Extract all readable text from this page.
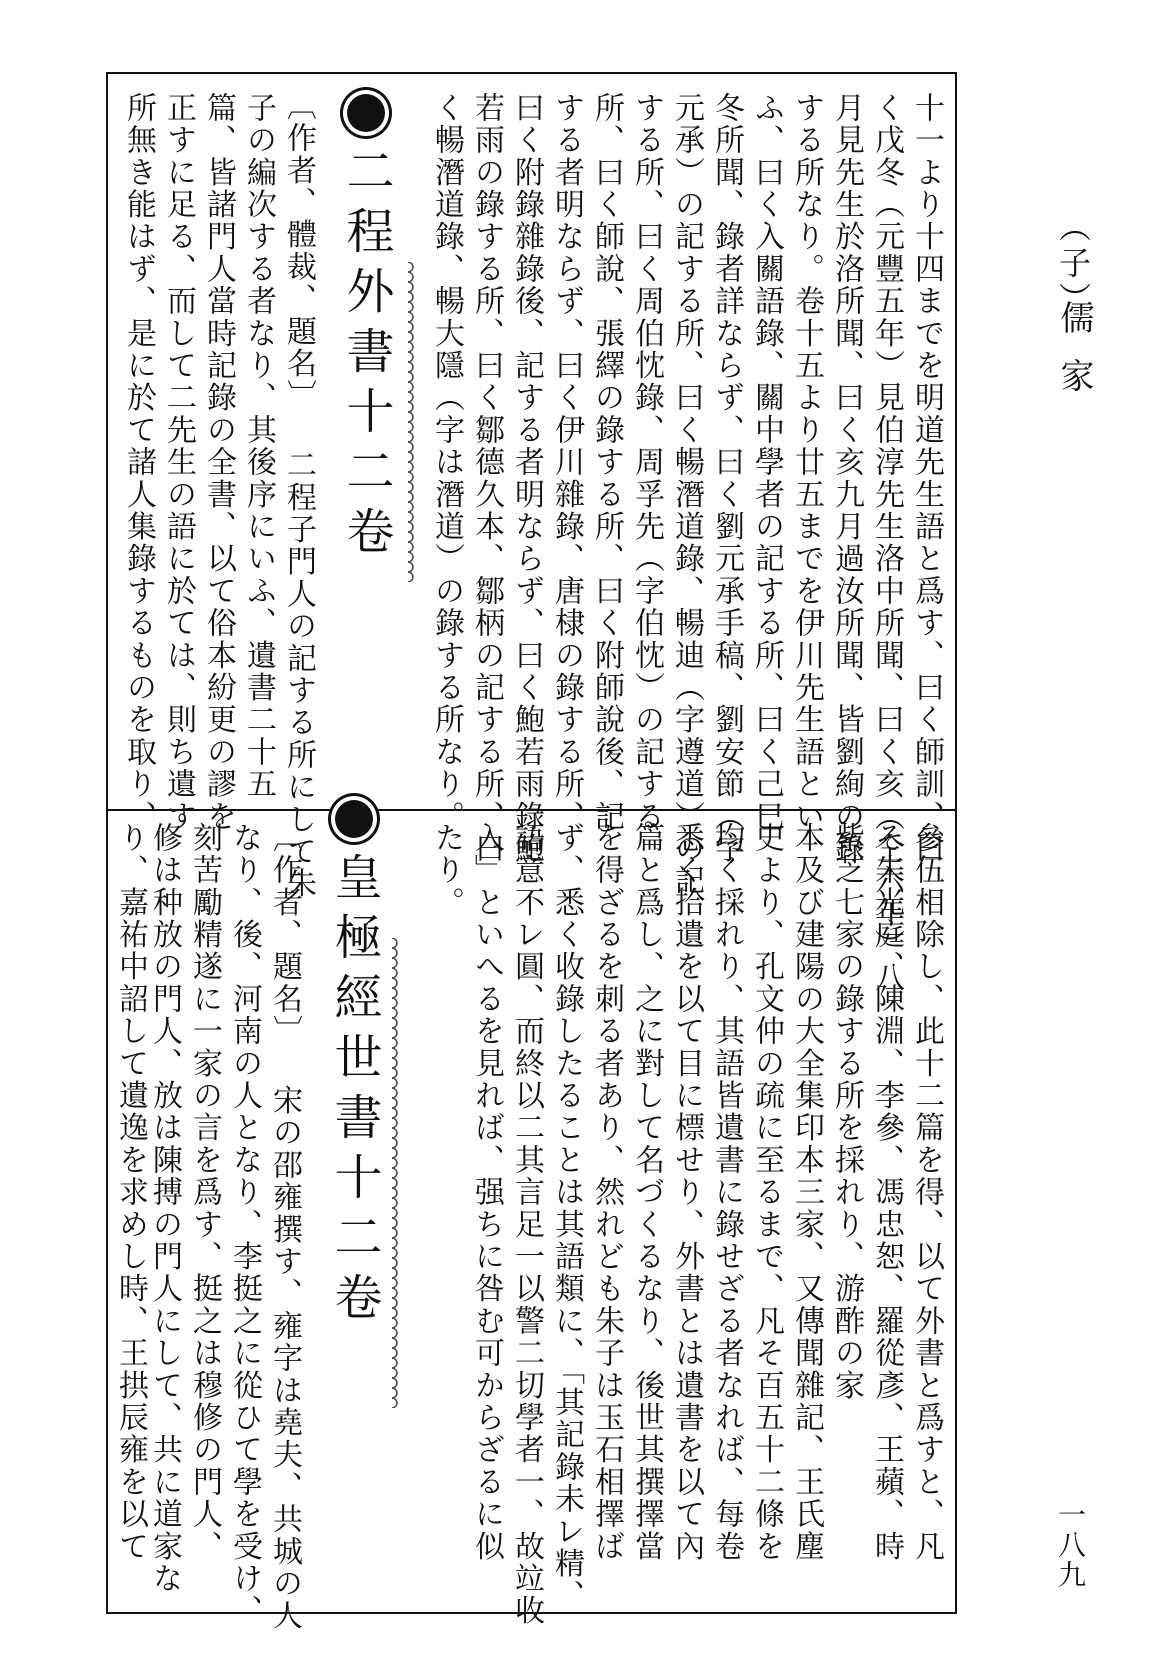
（子）
儒家
一八九
十一より十四までを明道先生語と爲す、曰く師訓、曰
く戊冬（元豐五年）見伯淳先生洛中所聞、曰く亥（仝六年）八
月見先生於洛所聞、曰く亥九月過汝所聞、皆劉絢の錄
する所なり。卷十五より廿五までを伊川先生語とい
ふ、曰く入關語錄、關中學者の記する所、曰く己巳
冬所聞、錄者詳ならず、曰く劉元承手稿、劉安節（字
元承）の記する所、曰く暢潛道錄、暢迪（字遵道）の記
する所、曰く周伯忱錄、周孚先（字伯忱）の記する
所、曰く師說、張繹の錄する所、曰く附師說後、記
する者明ならず、曰く伊川雜錄、唐棣の錄する所、
曰く附錄雜錄後、記する者明ならず、曰く鮑若雨錄鮑
若雨の錄する所、曰く鄒德久本、鄒柄の記する所、曰
く暢潛道錄、暢大隱（字は潛道）の錄する所なり。
二程外書十二卷
〔作者、體裁、題名〕 二程子門人の記する所にして朱
子の編次する者なり、其後序にいふ、遺書二十五
篇、皆諸門人當時記錄の全書、以て俗本紛更の謬を
正すに足る、而して二先生の語に於ては、則ち遺す
所無き能はず、是に於て諸人集錄するものを取り、
參伍相除し、此十二篇を得、以て外書と爲すと、凡
そ朱光庭、陳淵、李參、馮忠恕、羅從彥、王蘋、時
紫芝七家の錄する所を採れり、游酢の家
本及び建陽の大全集印本三家、又傳聞雜記、王氏塵
史より、孔文仲の疏に至るまで、凡そ百五十二條を
均く採れり、其語皆遺書に錄せざる者なれば、每卷
悉く拾遺を以て目に標せり、外書とは遺書を以て內
篇と爲し、之に對して名づくるなり、後世其撰擇當
を得ざるを刺る者あり、然れども朱子は玉石相擇ば
ず、悉く收錄したることは其語類に、「其記錄未レ精、
語意不レ圓、而終以二其言足一以警二切學者一、故竝收
入」といへるを見れば、强ちに咎む可からざるに似
たり。
皇極經世書十二卷
〔作者、題名〕 宋の邵雍撰す、雍字は堯夫、共城の人
なり、後、河南の人となり、李挺之に從ひて學を受け、
刻苦勵精遂に一家の言を爲す、挺之は穆修の門人、
修は种放の門人、放は陳搏の門人にして、共に道家な
り、嘉祐中詔して遺逸を求めし時、王拱辰雍を以て
